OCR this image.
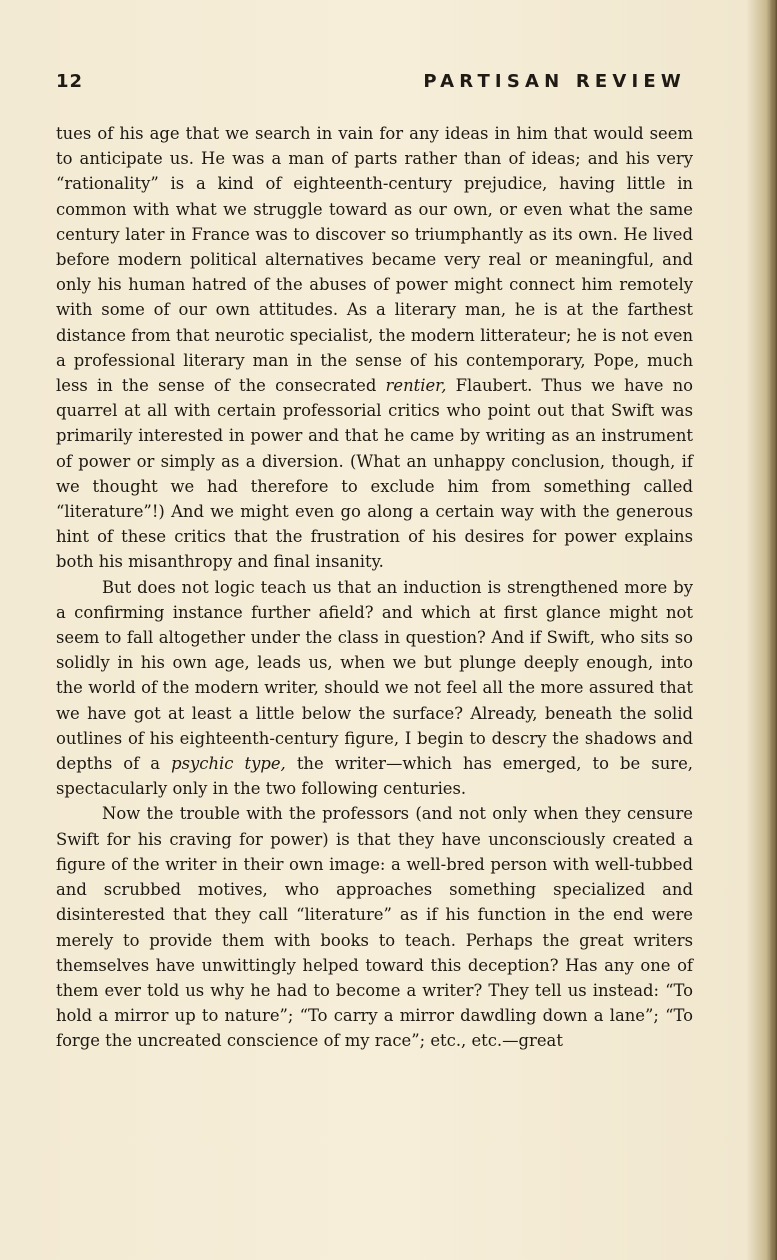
12	PARTISAN REVIEW

tues of his age that we search in vain for any ideas in him that would seem to anticipate us. He was a man of parts rather than of ideas; and his very “rationality” is a kind of eighteenth-century prejudice, having little in common with what we struggle toward as our own, or even what the same century later in France was to discover so triumphantly as its own. He lived before modern political alternatives became very real or meaningful, and only his human hatred of the abuses of power might connect him remotely with some of our own attitudes. As a literary man, he is at the farthest distance from that neurotic specialist, the modern litterateur; he is not even a professional literary man in the sense of his contemporary, Pope, much less in the sense of the consecrated rentier, Flaubert. Thus we have no quarrel at all with certain professorial critics who point out that Swift was primarily interested in power and that he came by writing as an instrument of power or simply as a diversion. (What an unhappy conclusion, though, if we thought we had therefore to exclude him from something called “literature”!) And we might even go along a certain way with the generous hint of these critics that the frustration of his desires for power explains both his misanthropy and final insanity.

But does not logic teach us that an induction is strengthened more by a confirming instance further afield? and which at first glance might not seem to fall altogether under the class in question? And if Swift, who sits so solidly in his own age, leads us, when we but plunge deeply enough, into the world of the modern writer, should we not feel all the more assured that we have got at least a little below the surface? Already, beneath the solid outlines of his eighteenth-century figure, I begin to descry the shadows and depths of a psychic type, the writer—which has emerged, to be sure, spectacularly only in the two following centuries.

Now the trouble with the professors (and not only when they censure Swift for his craving for power) is that they have unconsciously created a figure of the writer in their own image: a well-bred person with well-tubbed and scrubbed motives, who approaches something specialized and disinterested that they call “literature” as if his function in the end were merely to provide them with books to teach. Perhaps the great writers themselves have unwittingly helped toward this deception? Has any one of them ever told us why he had to become a writer? They tell us instead: “To hold a mirror up to nature”; “To carry a mirror dawdling down a lane”; “To forge the uncreated conscience of my race”; etc., etc.—great
